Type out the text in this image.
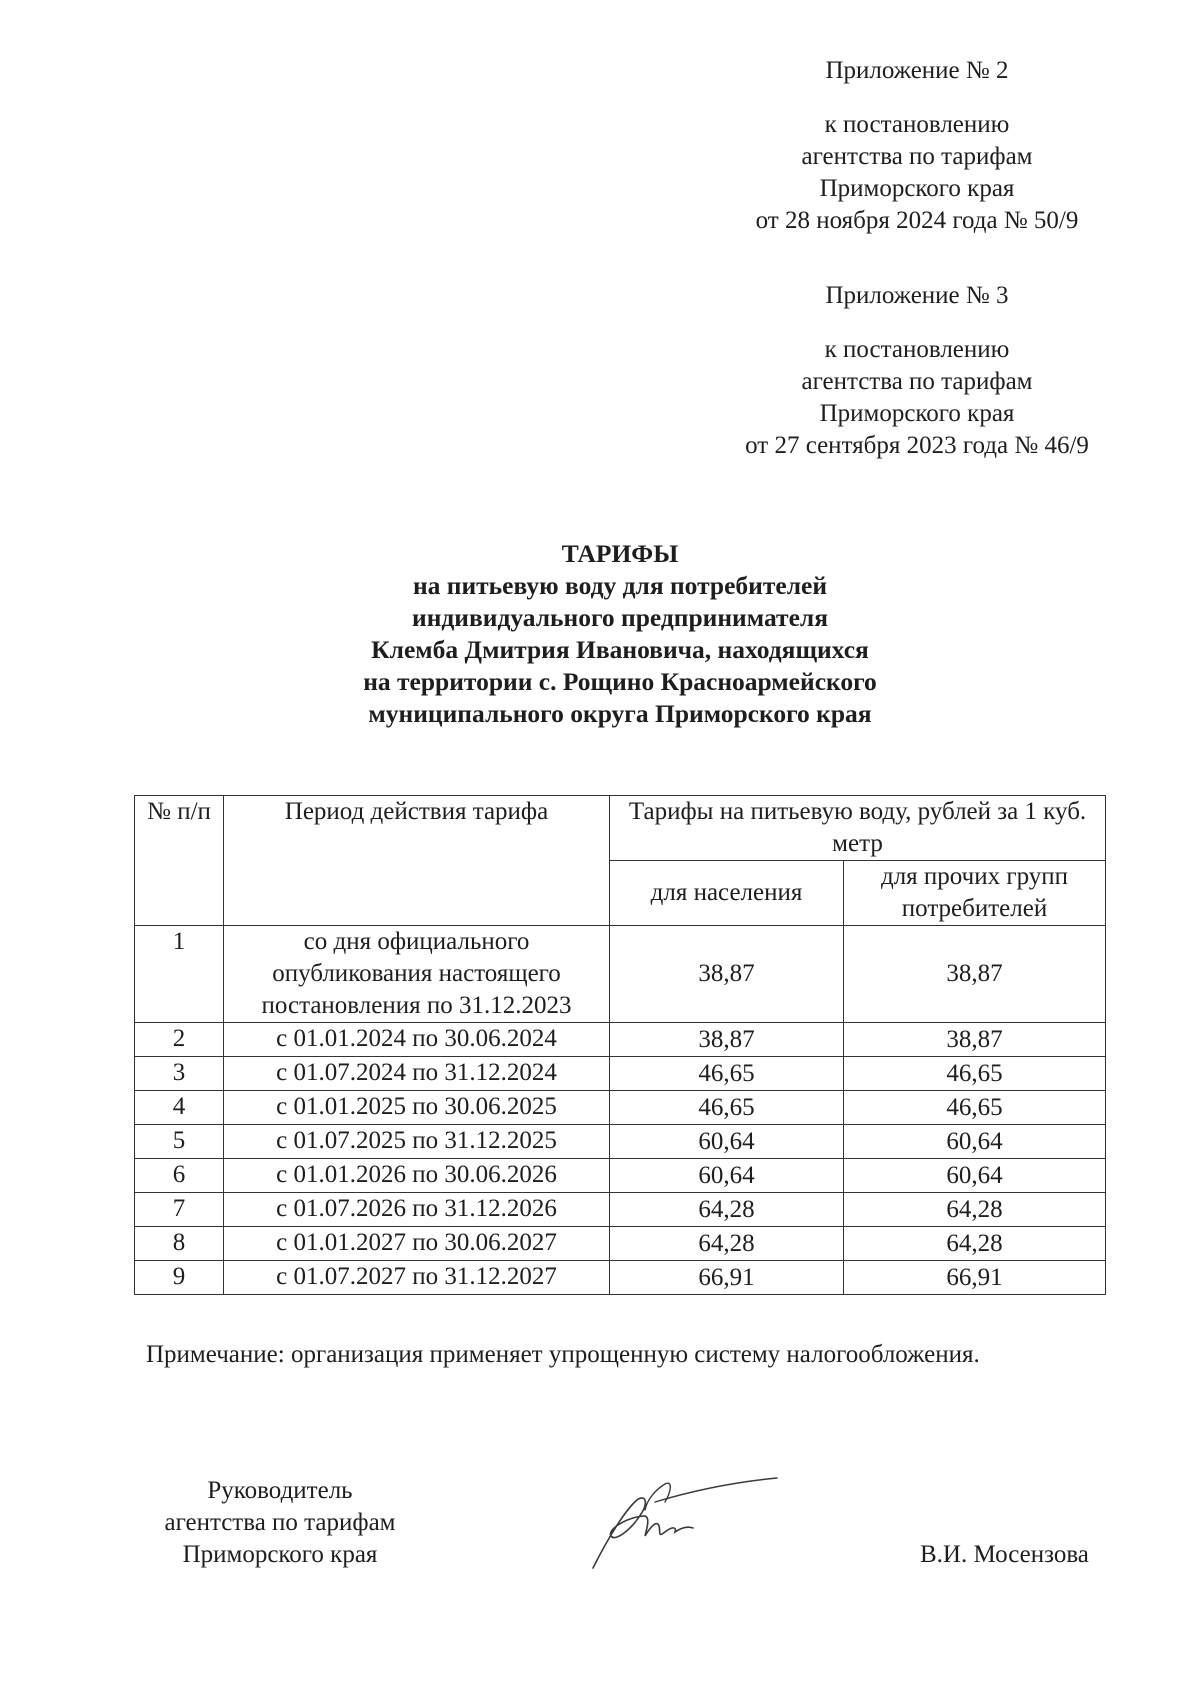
Приложение № 2

к постановлению

агентства по тарифам

Приморского края

от 28 ноября 2024 года № 50/9

Приложение № 3

к постановлению

агентства по тарифам

Приморского края

от 27 сентября 2023 года № 46/9

ТАРИФЫ

на питьевую воду для потребителей

индивидуального предпринимателя

Клемба Дмитрия Ивановича, находящихся

на территории с. Рощино Красноармейского

муниципального округа Приморского края

№ п/п	Период действия тарифа	Тарифы на питьевую воду, рублей за 1 куб. метр	
		для населения	для прочих групп потребителей
1	со дня официального опубликования настоящего постановления по 31.12.2023	38,87	38,87
2	с 01.01.2024 по 30.06.2024	38,87	38,87
3	с 01.07.2024 по 31.12.2024	46,65	46,65
4	с 01.01.2025 по 30.06.2025	46,65	46,65
5	с 01.07.2025 по 31.12.2025	60,64	60,64
6	с 01.01.2026 по 30.06.2026	60,64	60,64
7	с 01.07.2026 по 31.12.2026	64,28	64,28
8	с 01.01.2027 по 30.06.2027	64,28	64,28
9	с 01.07.2027 по 31.12.2027	66,91	66,91

Примечание: организация применяет упрощенную систему налогообложения.

Руководитель

агентства по тарифам

Приморского края	В.И. Мосензова
